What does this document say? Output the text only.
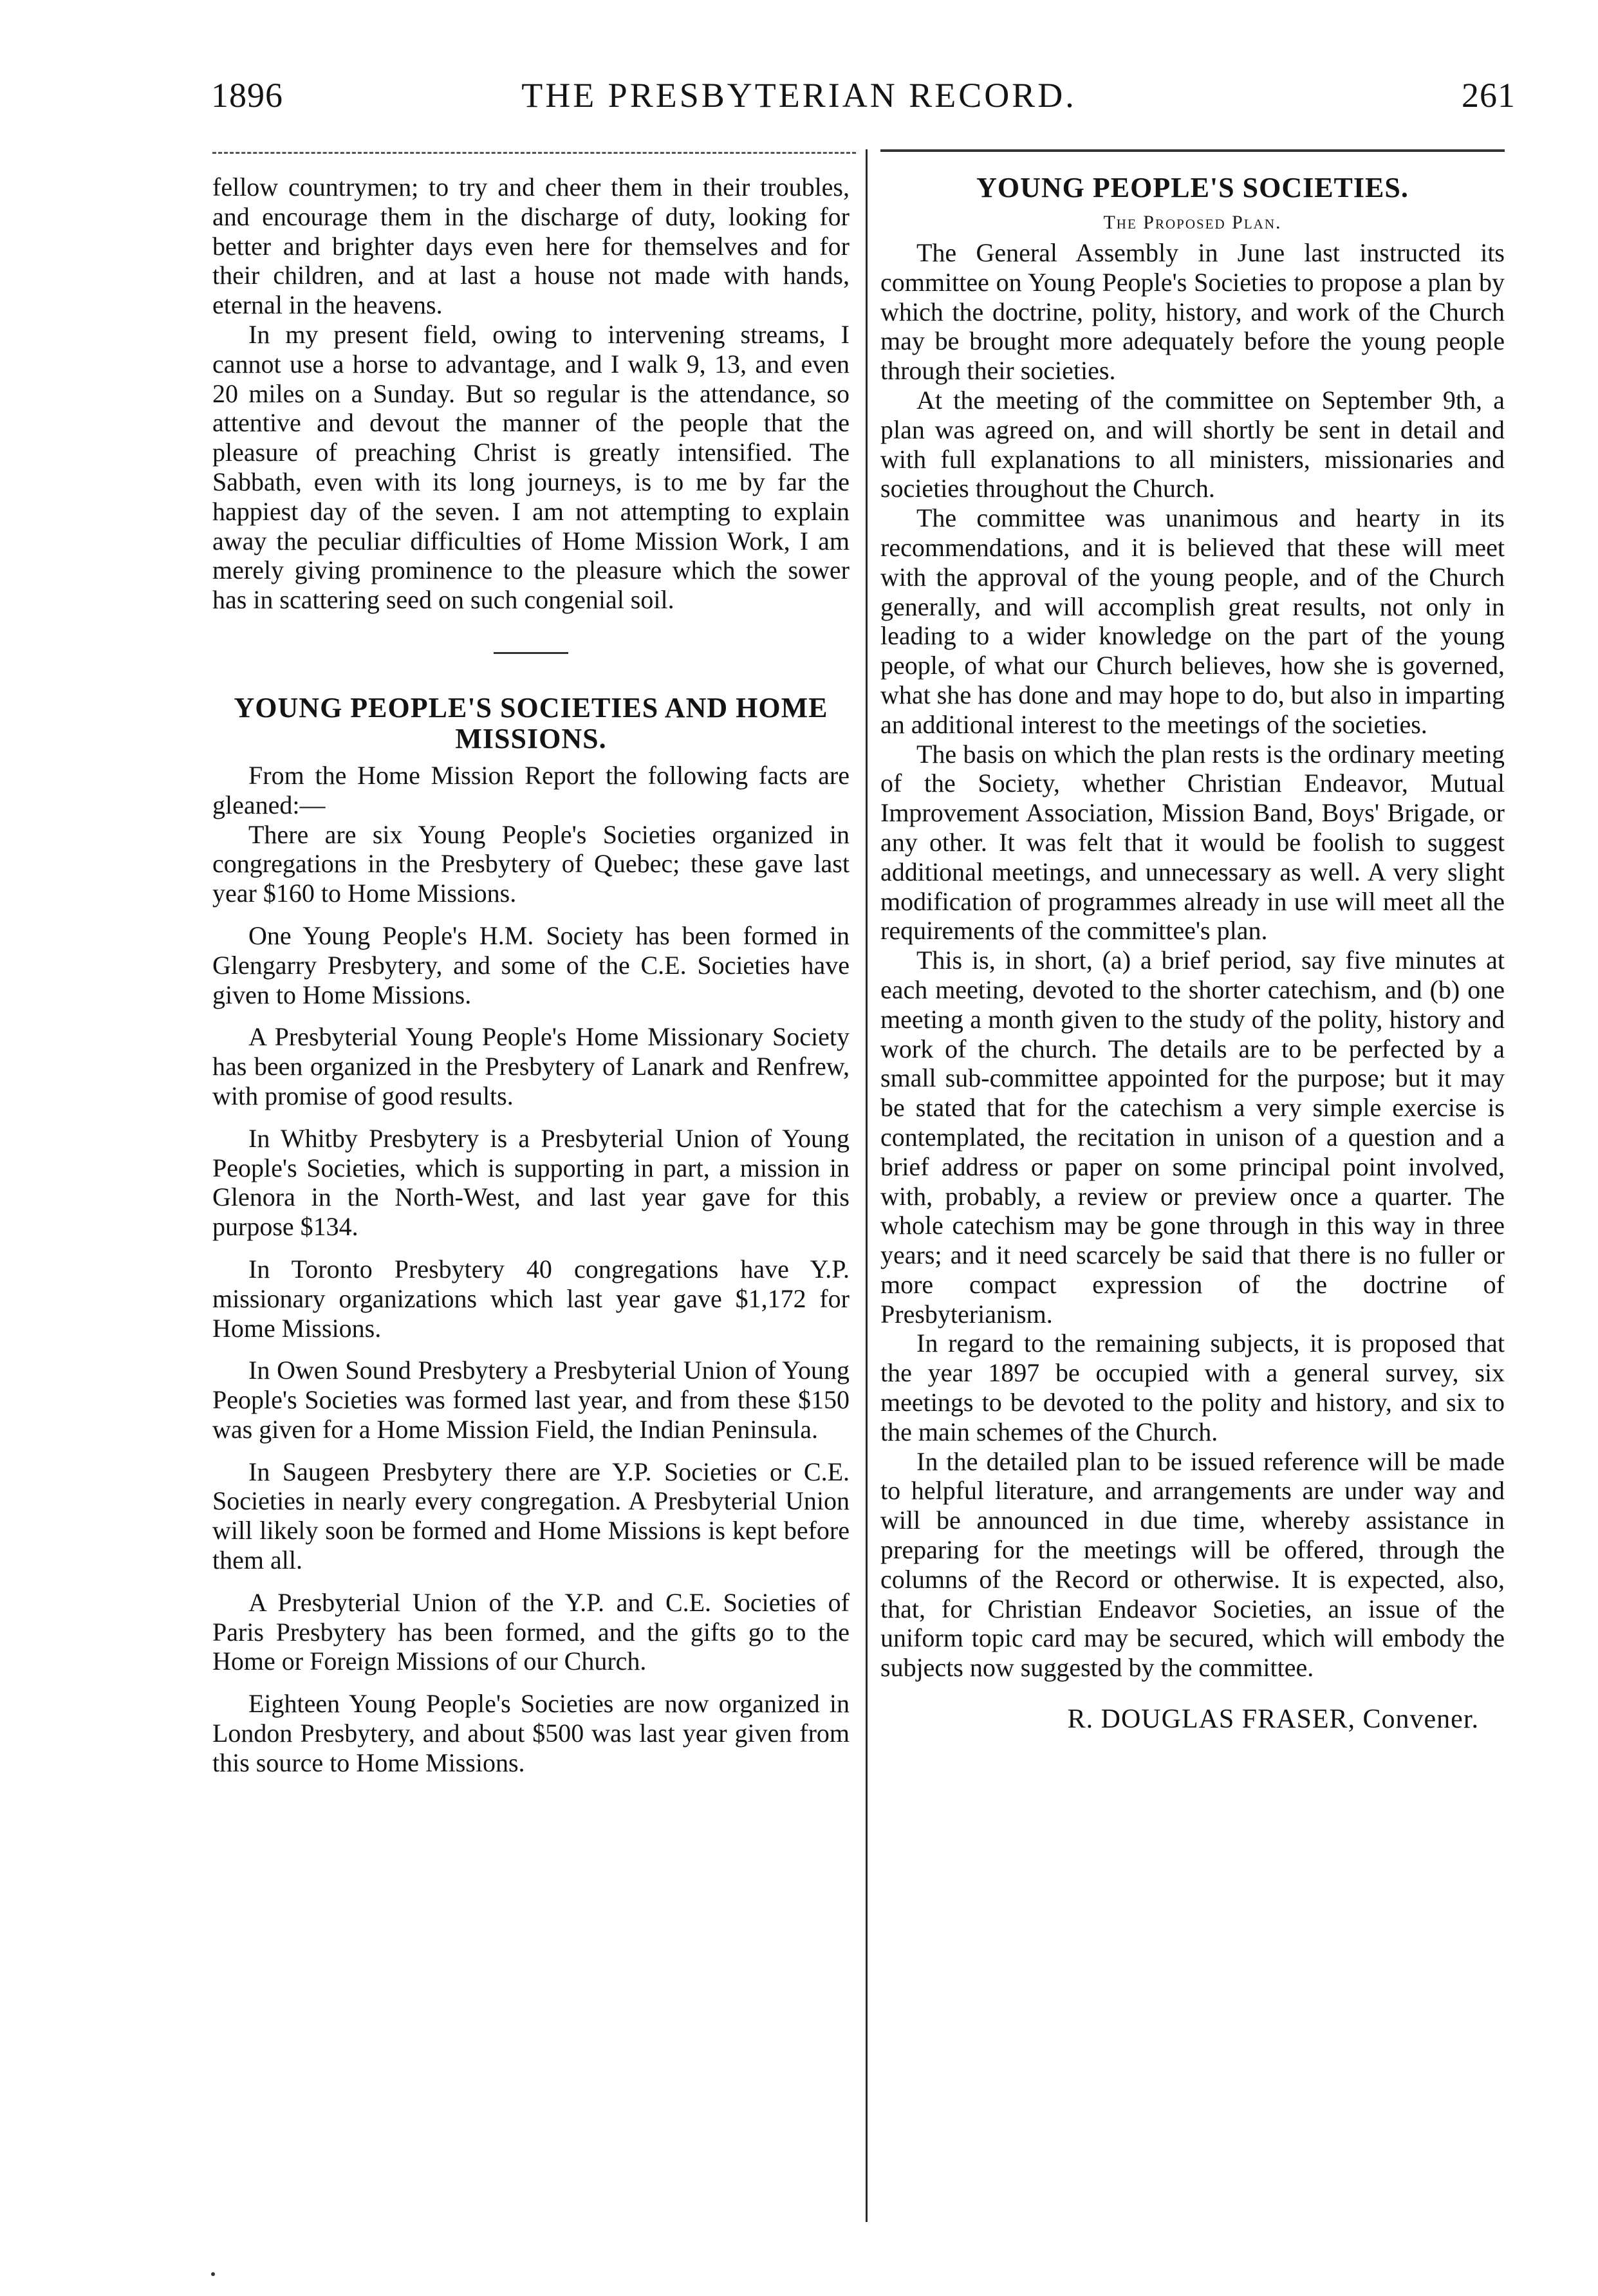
1896	THE PRESBYTERIAN RECORD.	261

fellow countrymen; to try and cheer them in their troubles, and encourage them in the discharge of duty, looking for better and brighter days even here for themselves and for their children, and at last a house not made with hands, eternal in the heavens.

In my present field, owing to intervening streams, I cannot use a horse to advantage, and I walk 9, 13, and even 20 miles on a Sunday. But so regular is the attendance, so attentive and devout the manner of the people that the pleasure of preaching Christ is greatly intensified. The Sabbath, even with its long journeys, is to me by far the happiest day of the seven. I am not attempting to explain away the peculiar difficulties of Home Mission Work, I am merely giving prominence to the pleasure which the sower has in scattering seed on such congenial soil.

YOUNG PEOPLE'S SOCIETIES AND HOME MISSIONS.

From the Home Mission Report the following facts are gleaned:—

There are six Young People's Societies organized in congregations in the Presbytery of Quebec; these gave last year $160 to Home Missions.

One Young People's H.M. Society has been formed in Glengarry Presbytery, and some of the C.E. Societies have given to Home Missions.

A Presbyterial Young People's Home Missionary Society has been organized in the Presbytery of Lanark and Renfrew, with promise of good results.

In Whitby Presbytery is a Presbyterial Union of Young People's Societies, which is supporting in part, a mission in Glenora in the North-West, and last year gave for this purpose $134.

In Toronto Presbytery 40 congregations have Y.P. missionary organizations which last year gave $1,172 for Home Missions.

In Owen Sound Presbytery a Presbyterial Union of Young People's Societies was formed last year, and from these $150 was given for a Home Mission Field, the Indian Peninsula.

In Saugeen Presbytery there are Y.P. Societies or C.E. Societies in nearly every congregation. A Presbyterial Union will likely soon be formed and Home Missions is kept before them all.

A Presbyterial Union of the Y.P. and C.E. Societies of Paris Presbytery has been formed, and the gifts go to the Home or Foreign Missions of our Church.

Eighteen Young People's Societies are now organized in London Presbytery, and about $500 was last year given from this source to Home Missions.

YOUNG PEOPLE'S SOCIETIES.
The Proposed Plan.

The General Assembly in June last instructed its committee on Young People's Societies to propose a plan by which the doctrine, polity, history, and work of the Church may be brought more adequately before the young people through their societies.

At the meeting of the committee on September 9th, a plan was agreed on, and will shortly be sent in detail and with full explanations to all ministers, missionaries and societies throughout the Church.

The committee was unanimous and hearty in its recommendations, and it is believed that these will meet with the approval of the young people, and of the Church generally, and will accomplish great results, not only in leading to a wider knowledge on the part of the young people, of what our Church believes, how she is governed, what she has done and may hope to do, but also in imparting an additional interest to the meetings of the societies.

The basis on which the plan rests is the ordinary meeting of the Society, whether Christian Endeavor, Mutual Improvement Association, Mission Band, Boys' Brigade, or any other. It was felt that it would be foolish to suggest additional meetings, and unnecessary as well. A very slight modification of programmes already in use will meet all the requirements of the committee's plan.

This is, in short, (a) a brief period, say five minutes at each meeting, devoted to the shorter catechism, and (b) one meeting a month given to the study of the polity, history and work of the church. The details are to be perfected by a small sub-committee appointed for the purpose; but it may be stated that for the catechism a very simple exercise is contemplated, the recitation in unison of a question and a brief address or paper on some principal point involved, with, probably, a review or preview once a quarter. The whole catechism may be gone through in this way in three years; and it need scarcely be said that there is no fuller or more compact expression of the doctrine of Presbyterianism.

In regard to the remaining subjects, it is proposed that the year 1897 be occupied with a general survey, six meetings to be devoted to the polity and history, and six to the main schemes of the Church.

In the detailed plan to be issued reference will be made to helpful literature, and arrangements are under way and will be announced in due time, whereby assistance in preparing for the meetings will be offered, through the columns of the Record or otherwise. It is expected, also, that, for Christian Endeavor Societies, an issue of the uniform topic card may be secured, which will embody the subjects now suggested by the committee.

R. DOUGLAS FRASER, Convener.
